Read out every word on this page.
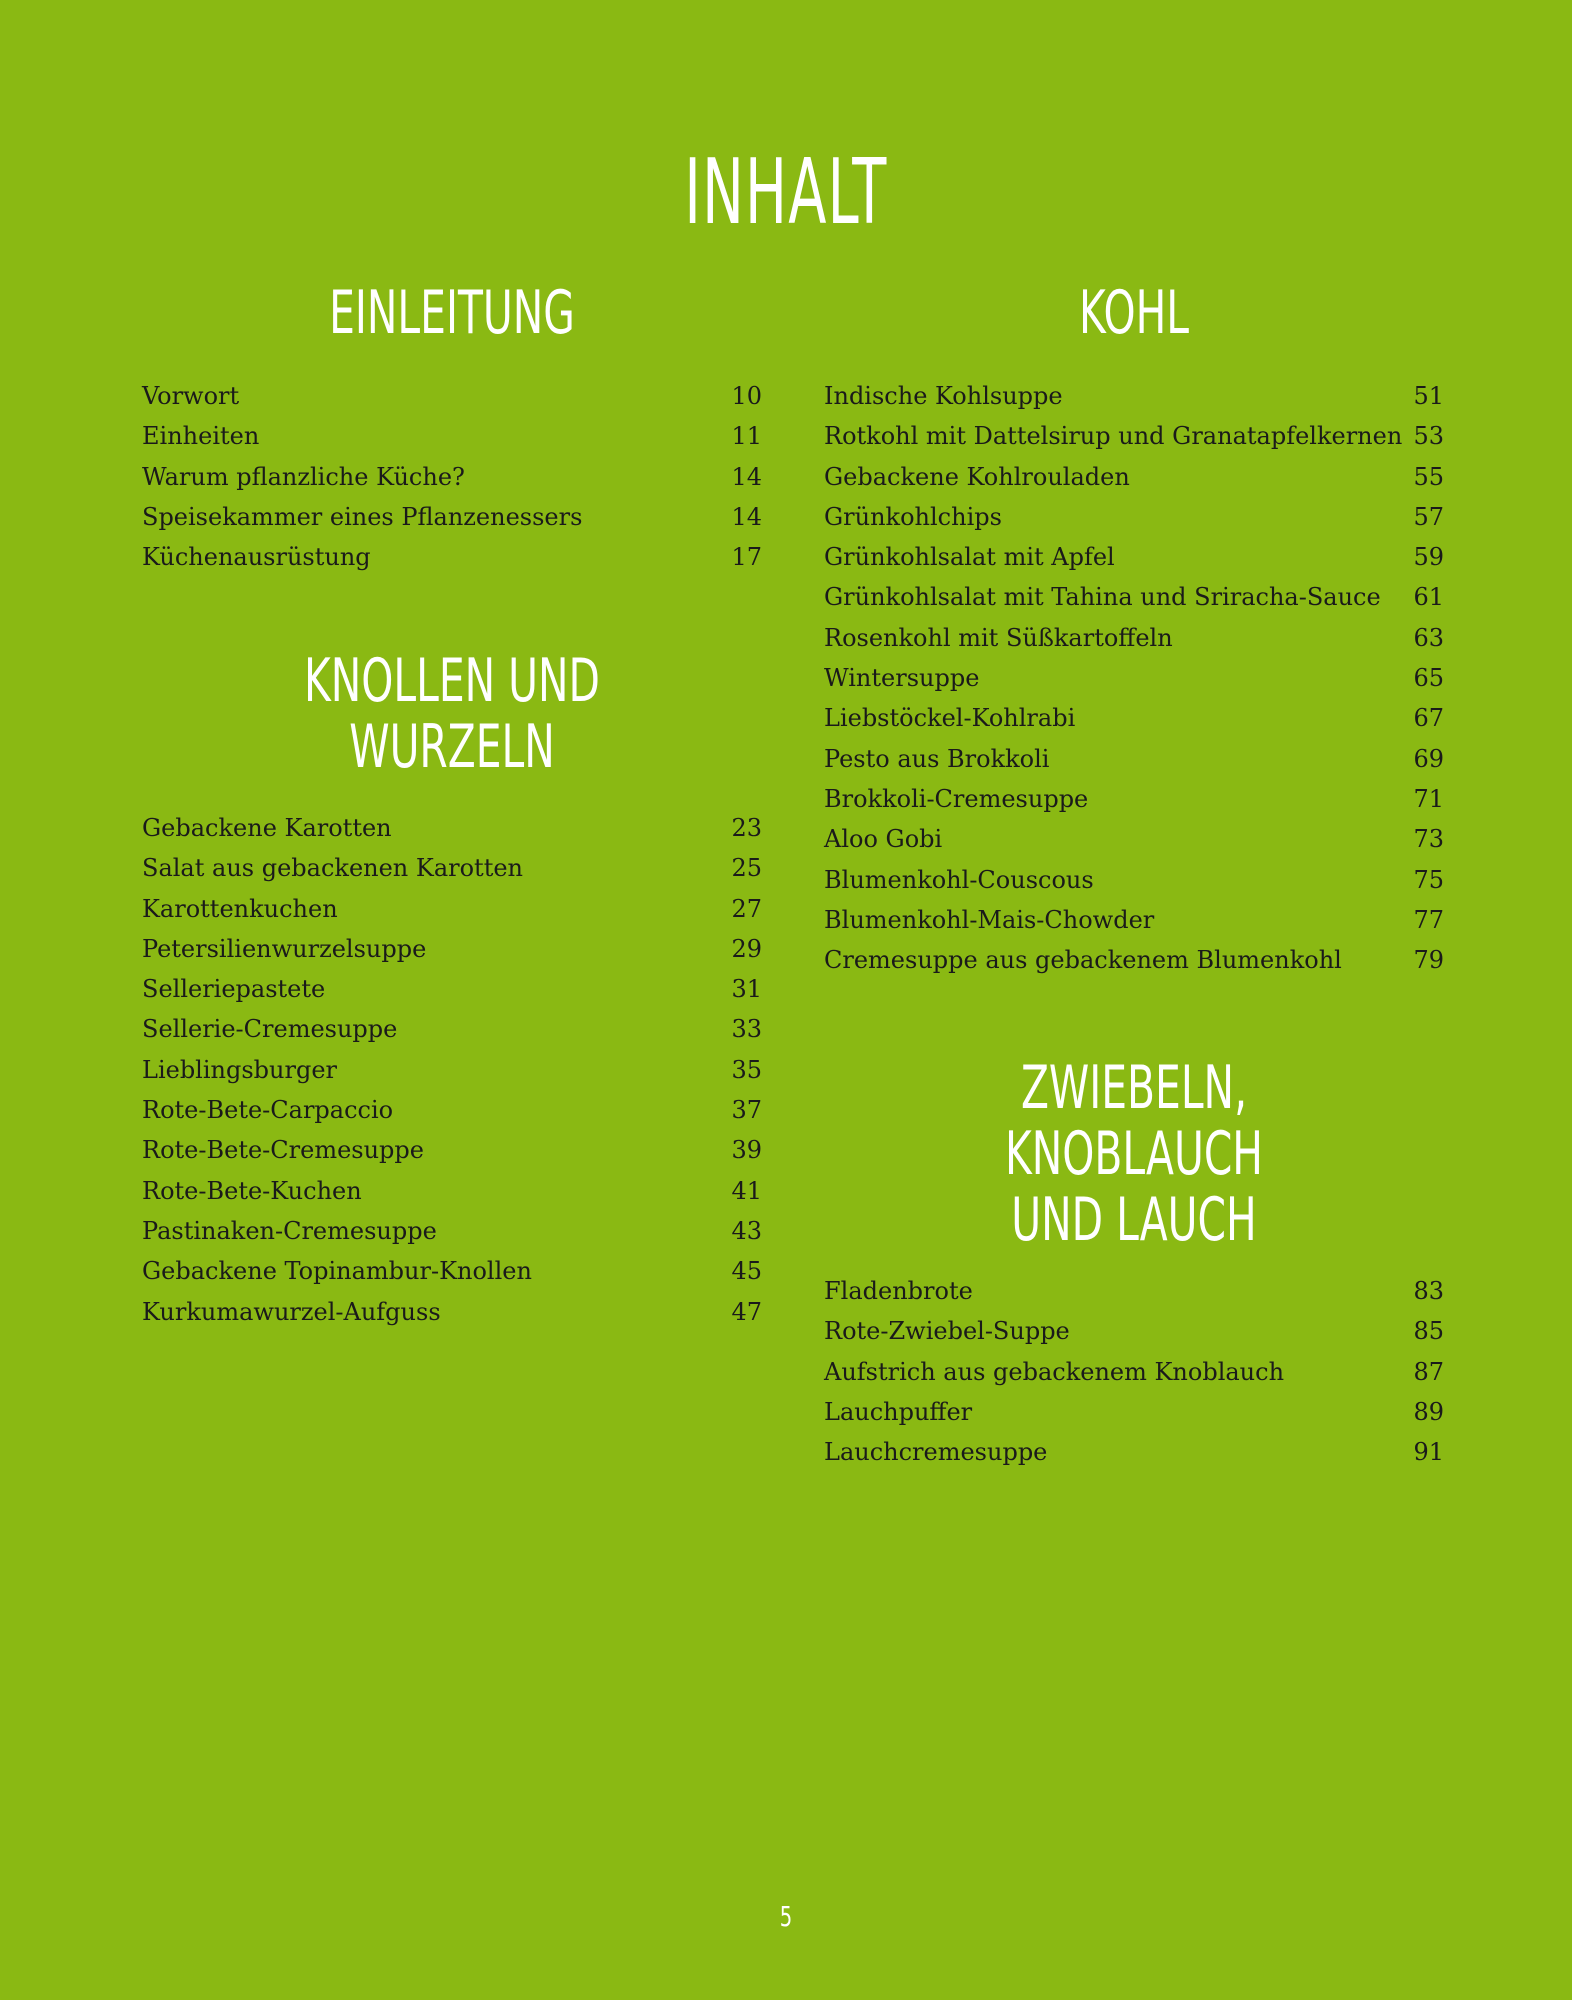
INHALT
EINLEITUNG
Vorwort	10
Einheiten	11
Warum pflanzliche Küche?	14
Speisekammer eines Pflanzenessers	14
Küchenausrüstung	17
KNOLLEN UND WURZELN
Gebackene Karotten	23
Salat aus gebackenen Karotten	25
Karottenkuchen	27
Petersilienwurzelsuppe	29
Selleriepastete	31
Sellerie-Cremesuppe	33
Lieblingsburger	35
Rote-Bete-Carpaccio	37
Rote-Bete-Cremesuppe	39
Rote-Bete-Kuchen	41
Pastinaken-Cremesuppe	43
Gebackene Topinambur-Knollen	45
Kurkumawurzel-Aufguss	47
KOHL
Indische Kohlsuppe	51
Rotkohl mit Dattelsirup und Granatapfelkernen 53
Gebackene Kohlrouladen	55
Grünkohlchips	57
Grünkohlsalat mit Apfel	59
Grünkohlsalat mit Tahina und Sriracha-Sauce	61
Rosenkohl mit Süßkartoffeln	63
Wintersuppe	65
Liebstöckel-Kohlrabi	67
Pesto aus Brokkoli	69
Brokkoli-Cremesuppe	71
Aloo Gobi	73
Blumenkohl-Couscous	75
Blumenkohl-Mais-Chowder	77
Cremesuppe aus gebackenem Blumenkohl	79
ZWIEBELN, KNOBLAUCH
UND LAUCH
Fladenbrote	83
Rote-Zwiebel-Suppe	85
Aufstrich aus gebackenem Knoblauch	87
Lauchpuffer	89
Lauchcremesuppe	91
5
